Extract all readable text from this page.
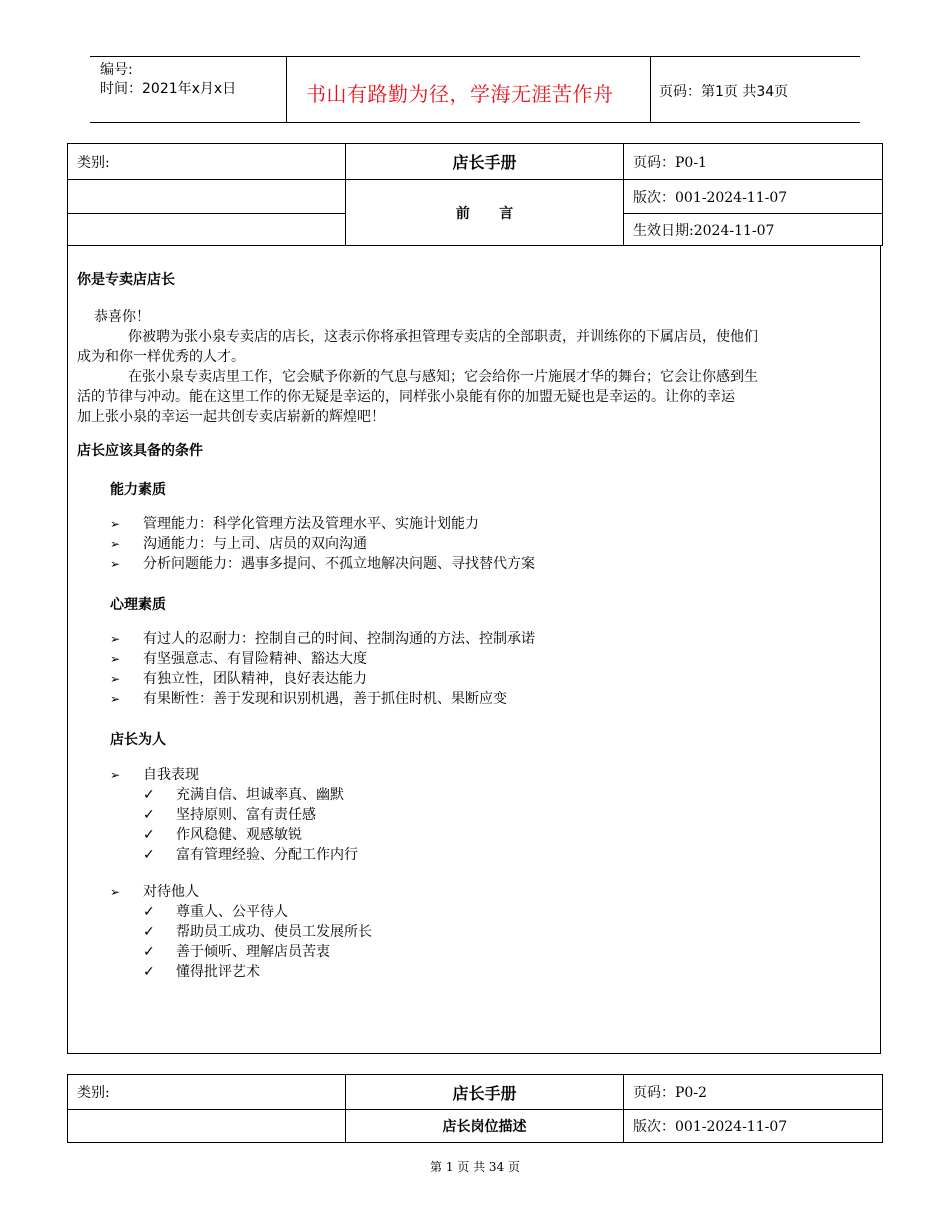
编号:
时间：2021年x月x日	书山有路勤为径，学海无涯苦作舟	页码：第1页 共34页
类别:	店长手册	页码：P0-1
	前      言	版次：001-2024-11-07
		生效日期:2024-11-07
你是专卖店店长
恭喜你！
你被聘为张小泉专卖店的店长，这表示你将承担管理专卖店的全部职责，并训练你的下属店员，使他们
成为和你一样优秀的人才。
在张小泉专卖店里工作，它会赋予你新的气息与感知；它会给你一片施展才华的舞台；它会让你感到生
活的节律与冲动。能在这里工作的你无疑是幸运的，同样张小泉能有你的加盟无疑也是幸运的。让你的幸运
加上张小泉的幸运一起共创专卖店崭新的辉煌吧！
店长应该具备的条件
能力素质
➢ 管理能力：科学化管理方法及管理水平、实施计划能力
➢ 沟通能力：与上司、店员的双向沟通
➢ 分析问题能力：遇事多提问、不孤立地解决问题、寻找替代方案
心理素质
➢ 有过人的忍耐力：控制自己的时间、控制沟通的方法、控制承诺
➢ 有坚强意志、有冒险精神、豁达大度
➢ 有独立性，团队精神，良好表达能力
➢ 有果断性：善于发现和识别机遇，善于抓住时机、果断应变
店长为人
➢ 自我表现
✓ 充满自信、坦诚率真、幽默
✓ 坚持原则、富有责任感
✓ 作风稳健、观感敏锐
✓ 富有管理经验、分配工作内行
➢ 对待他人
✓ 尊重人、公平待人
✓ 帮助员工成功、使员工发展所长
✓ 善于倾听、理解店员苦衷
✓ 懂得批评艺术
类别:	店长手册	页码：P0-2
	店长岗位描述	版次：001-2024-11-07
第 1 页 共 34 页
